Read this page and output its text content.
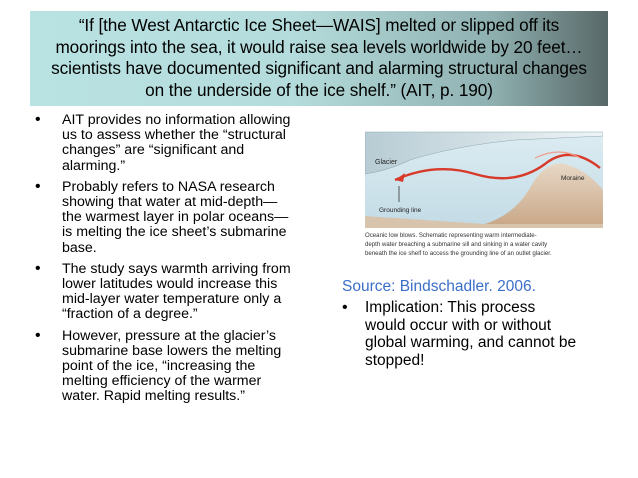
“If [the West Antarctic Ice Sheet—WAIS] melted or slipped off its
moorings into the sea, it would raise sea levels worldwide by 20 feet…
scientists have documented significant and alarming structural changes
on the underside of the ice shelf.” (AIT, p. 190)
• AIT provides no information allowing
us to assess whether the “structural
changes” are “significant and
alarming.”
• Probably refers to NASA research
showing that water at mid-depth—
the warmest layer in polar oceans—
is melting the ice sheet’s submarine
base.
• The study says warmth arriving from
lower latitudes would increase this
mid-layer water temperature only a
“fraction of a degree.”
• However, pressure at the glacier’s
submarine base lowers the melting
point of the ice, “increasing the
melting efficiency of the warmer
water. Rapid melting results.”
Glacier
Moraine
Grounding line
Oceanic low blows. Schematic representing warm intermediate-
depth water breaching a submarine sill and sinking in a water cavity
beneath the ice shelf to access the grounding line of an outlet glacier.
Source: Bindschadler. 2006.
• Implication: This process
would occur with or without
global warming, and cannot be
stopped!
